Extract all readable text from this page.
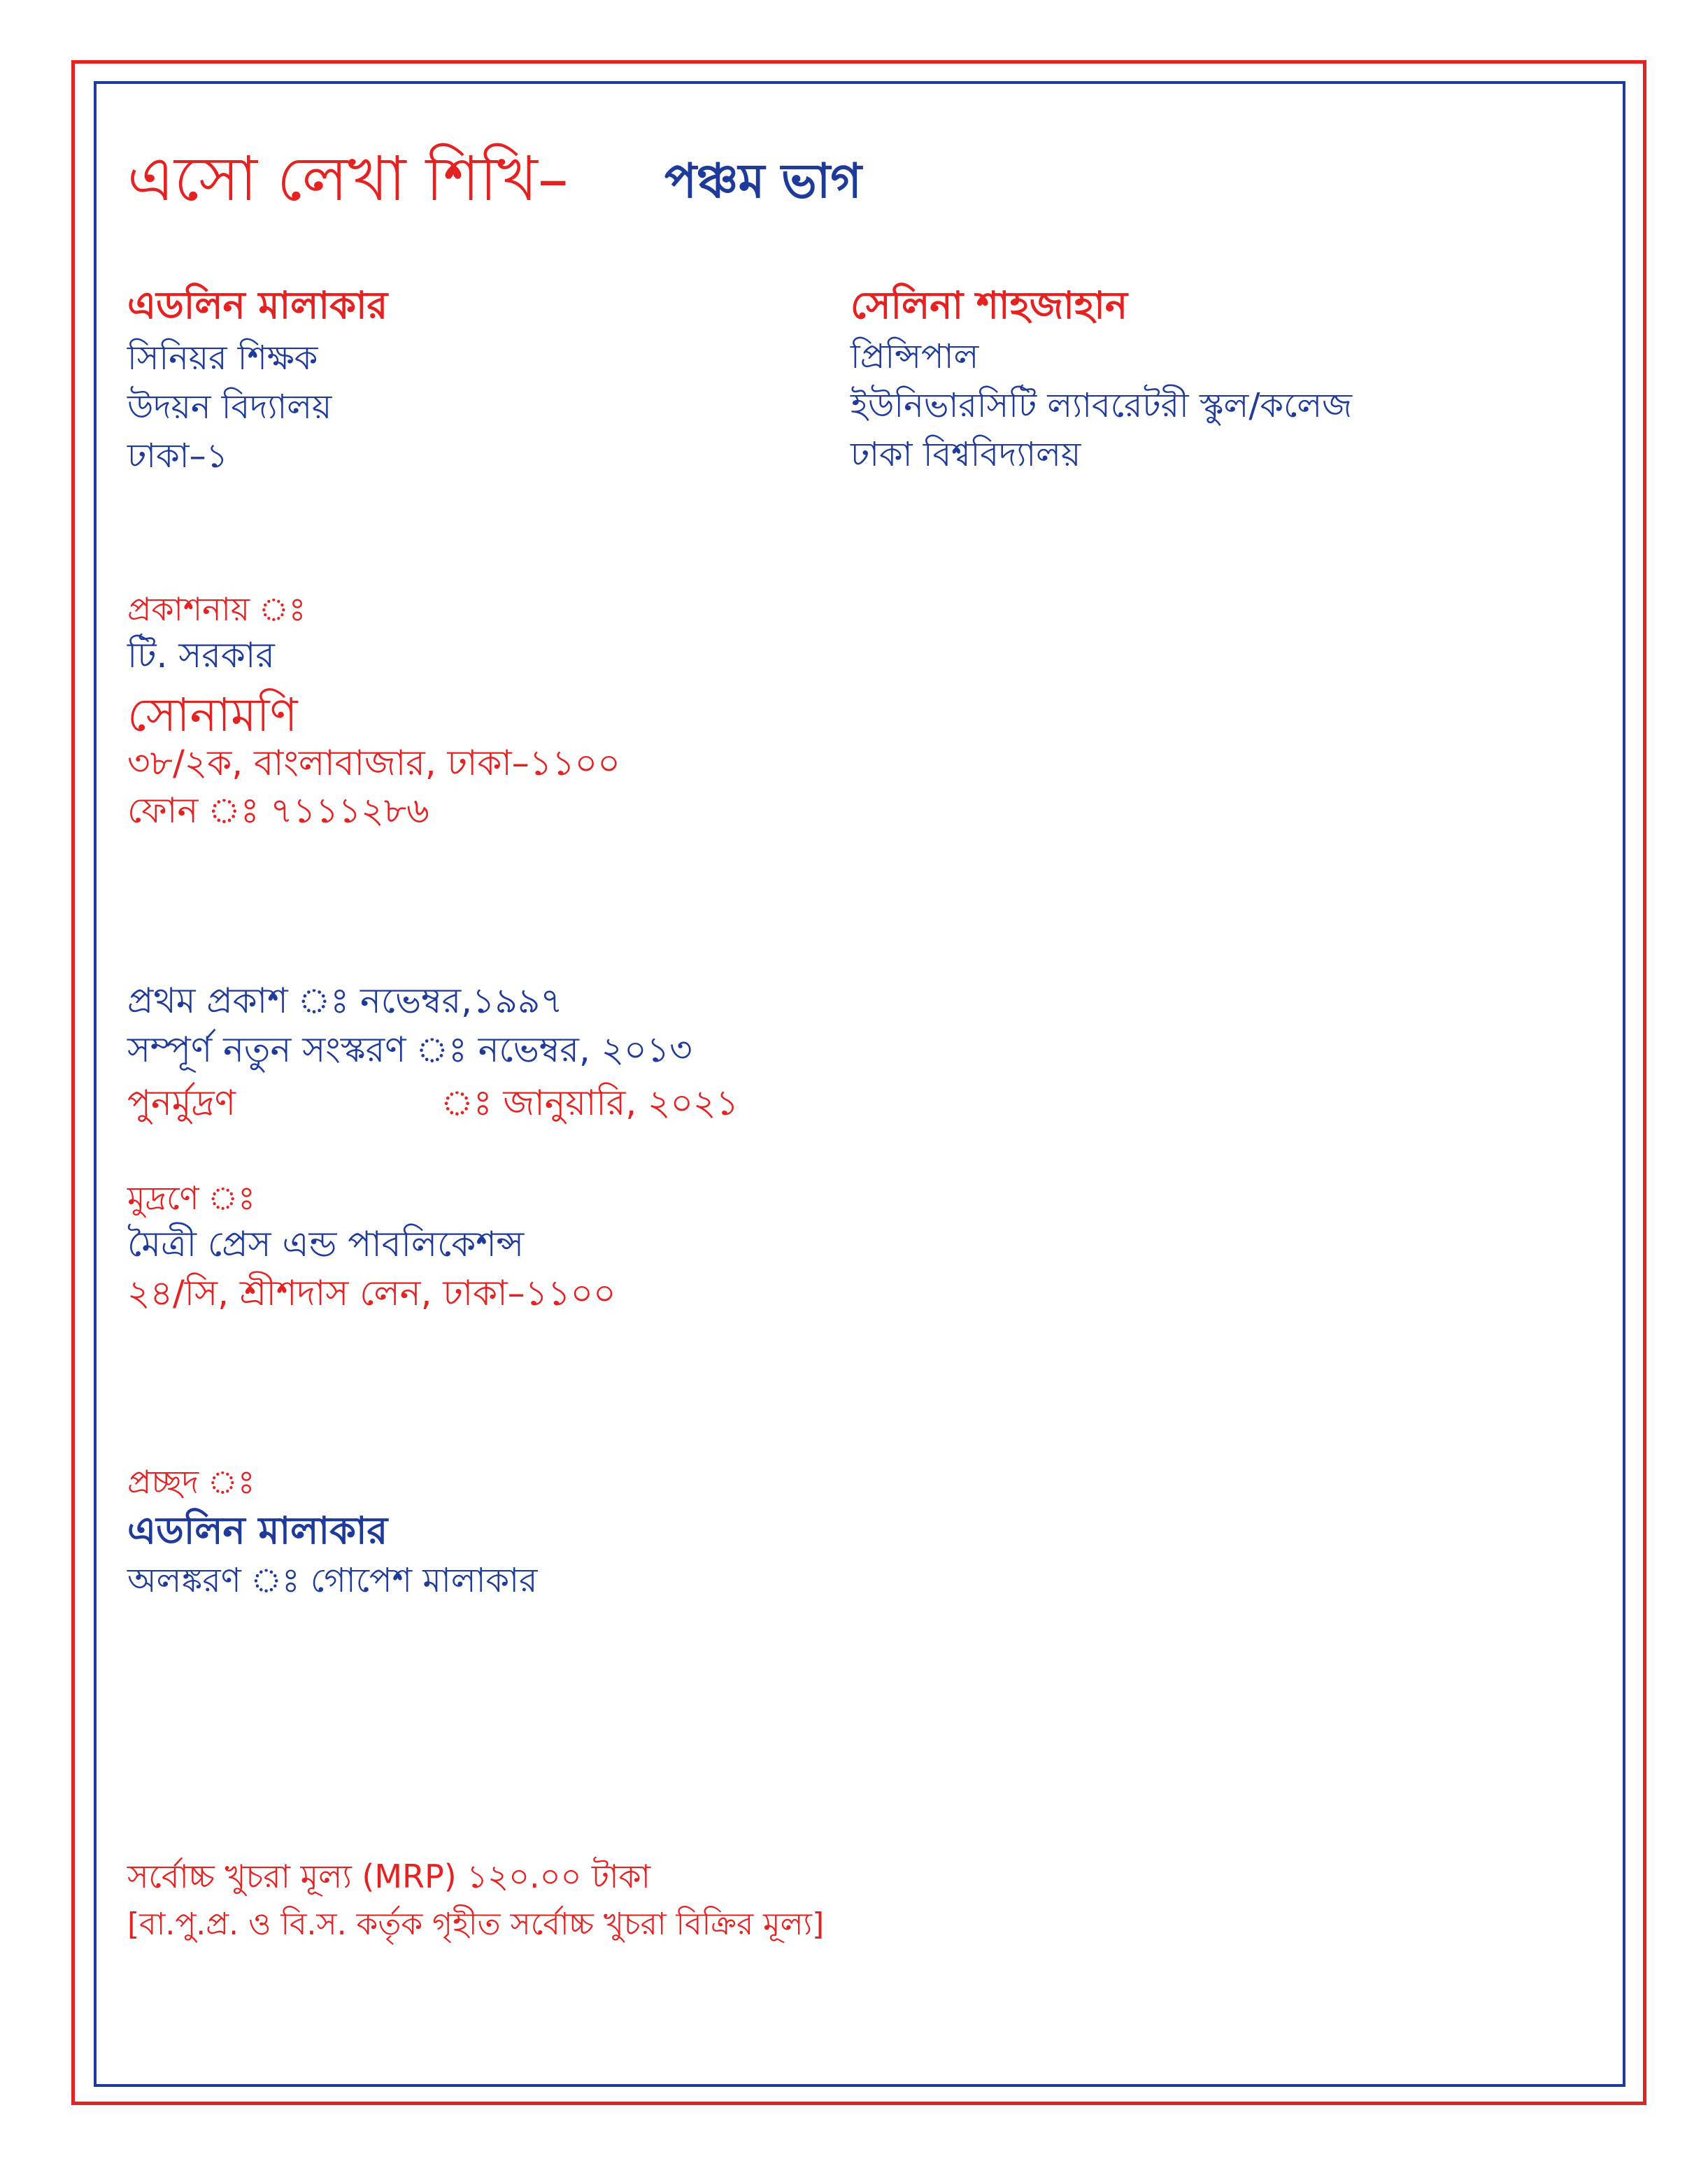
এসো লেখা শিখি– পঞ্চম ভাগ
এডলিন মালাকার
সিনিয়র শিক্ষক
উদয়ন বিদ্যালয়
ঢাকা–১
সেলিনা শাহজাহান
প্রিন্সিপাল
ইউনিভারসিটি ল্যাবরেটরী স্কুল/কলেজ
ঢাকা বিশ্ববিদ্যালয়
প্রকাশনায় ঃ
টি. সরকার
সোনামণি
৩৮/২ক, বাংলাবাজার, ঢাকা–১১০০
ফোন ঃ ৭১১১২৮৬
প্রথম প্রকাশ ঃ নভেম্বর,১৯৯৭
সম্পূর্ণ নতুন সংস্করণ ঃ নভেম্বর, ২০১৩
পুনর্মুদ্রণ	ঃ জানুয়ারি, ২০২১
মুদ্রণে ঃ
মৈত্রী প্রেস এন্ড পাবলিকেশন্স
২৪/সি, শ্রীশদাস লেন, ঢাকা–১১০০
প্রচ্ছদ ঃ
এডলিন মালাকার
অলঙ্করণ ঃ গোপেশ মালাকার
সর্বোচ্চ খুচরা মূল্য (MRP) ১২০.০০ টাকা
[বা.পু.প্র. ও বি.স. কর্তৃক গৃহীত সর্বোচ্চ খুচরা বিক্রির মূল্য]
